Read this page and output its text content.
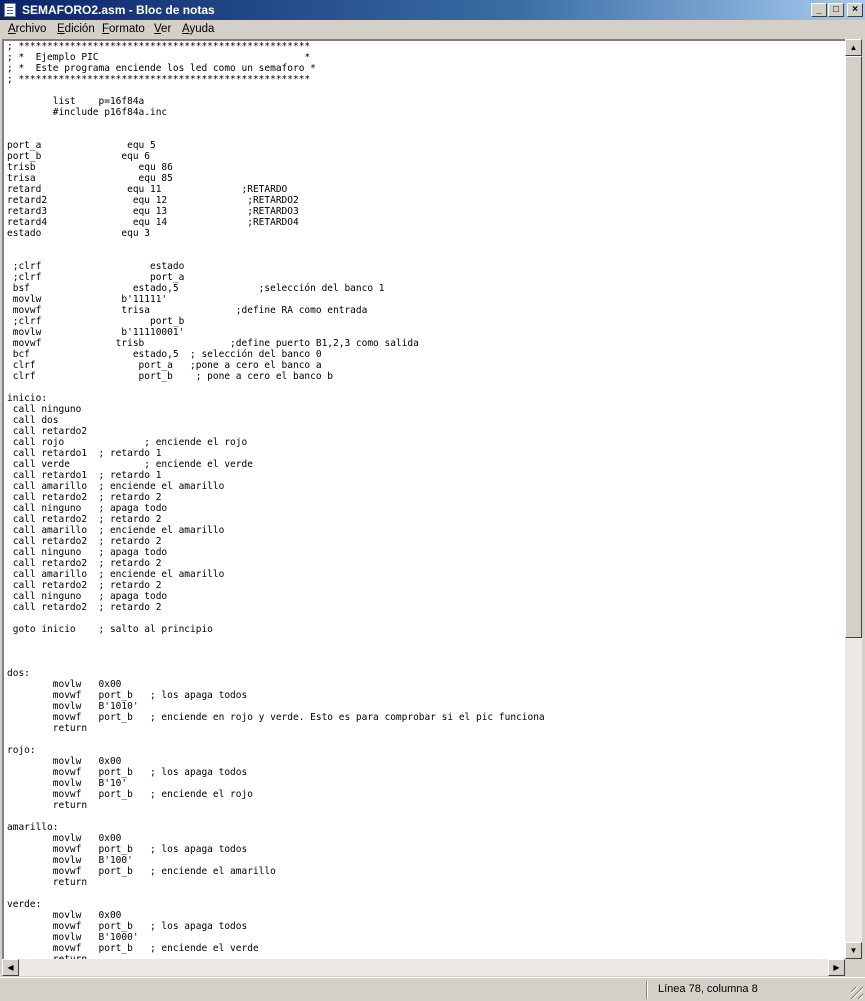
SEMAFORO2.asm - Bloc de notas	_	□	×
Archivo Edición Formato Ver Ayuda
; ***************************************************
; *  Ejemplo PIC                                    *
; *  Este programa enciende los led como un semaforo *
; ***************************************************

list    p=16f84a
#include p16f84a.inc

port_a               equ 5
port_b              equ 6
trisb                  equ 86
trisa                  equ 85
retard               equ 11              ;RETARDO
retard2               equ 12              ;RETARDO2
retard3               equ 13              ;RETARDO3
retard4               equ 14              ;RETARDO4
estado              equ 3

;clrf                   estado
;clrf                   port_a
bsf                  estado,5              ;selección del banco 1
movlw              b'11111'
movwf              trisa               ;define RA como entrada
;clrf                   port_b
movlw              b'11110001'
movwf             trisb               ;define puerto B1,2,3 como salida
bcf                  estado,5  ; selección del banco 0
clrf                  port_a   ;pone a cero el banco a
clrf                  port_b    ; pone a cero el banco b

inicio:
call ninguno
call dos
call retardo2
call rojo              ; enciende el rojo
call retardo1  ; retardo 1
call verde             ; enciende el verde
call retardo1  ; retardo 1
call amarillo  ; enciende el amarillo
call retardo2  ; retardo 2
call ninguno   ; apaga todo
call retardo2  ; retardo 2
call amarillo  ; enciende el amarillo
call retardo2  ; retardo 2
call ninguno   ; apaga todo
call retardo2  ; retardo 2
call amarillo  ; enciende el amarillo
call retardo2  ; retardo 2
call ninguno   ; apaga todo
call retardo2  ; retardo 2

goto inicio    ; salto al principio

dos:
movlw   0x00
movwf   port_b   ; los apaga todos
movlw   B'1010'
movwf   port_b   ; enciende en rojo y verde. Esto es para comprobar si el pic funciona
return

rojo:
movlw   0x00
movwf   port_b   ; los apaga todos
movlw   B'10'
movwf   port_b   ; enciende el rojo
return

amarillo:
movlw   0x00
movwf   port_b   ; los apaga todos
movlw   B'100'
movwf   port_b   ; enciende el amarillo
return

verde:
movlw   0x00
movwf   port_b   ; los apaga todos
movlw   B'1000'
movwf   port_b   ; enciende el verde

▲
▼
◀	▶
Línea 78, columna 8
